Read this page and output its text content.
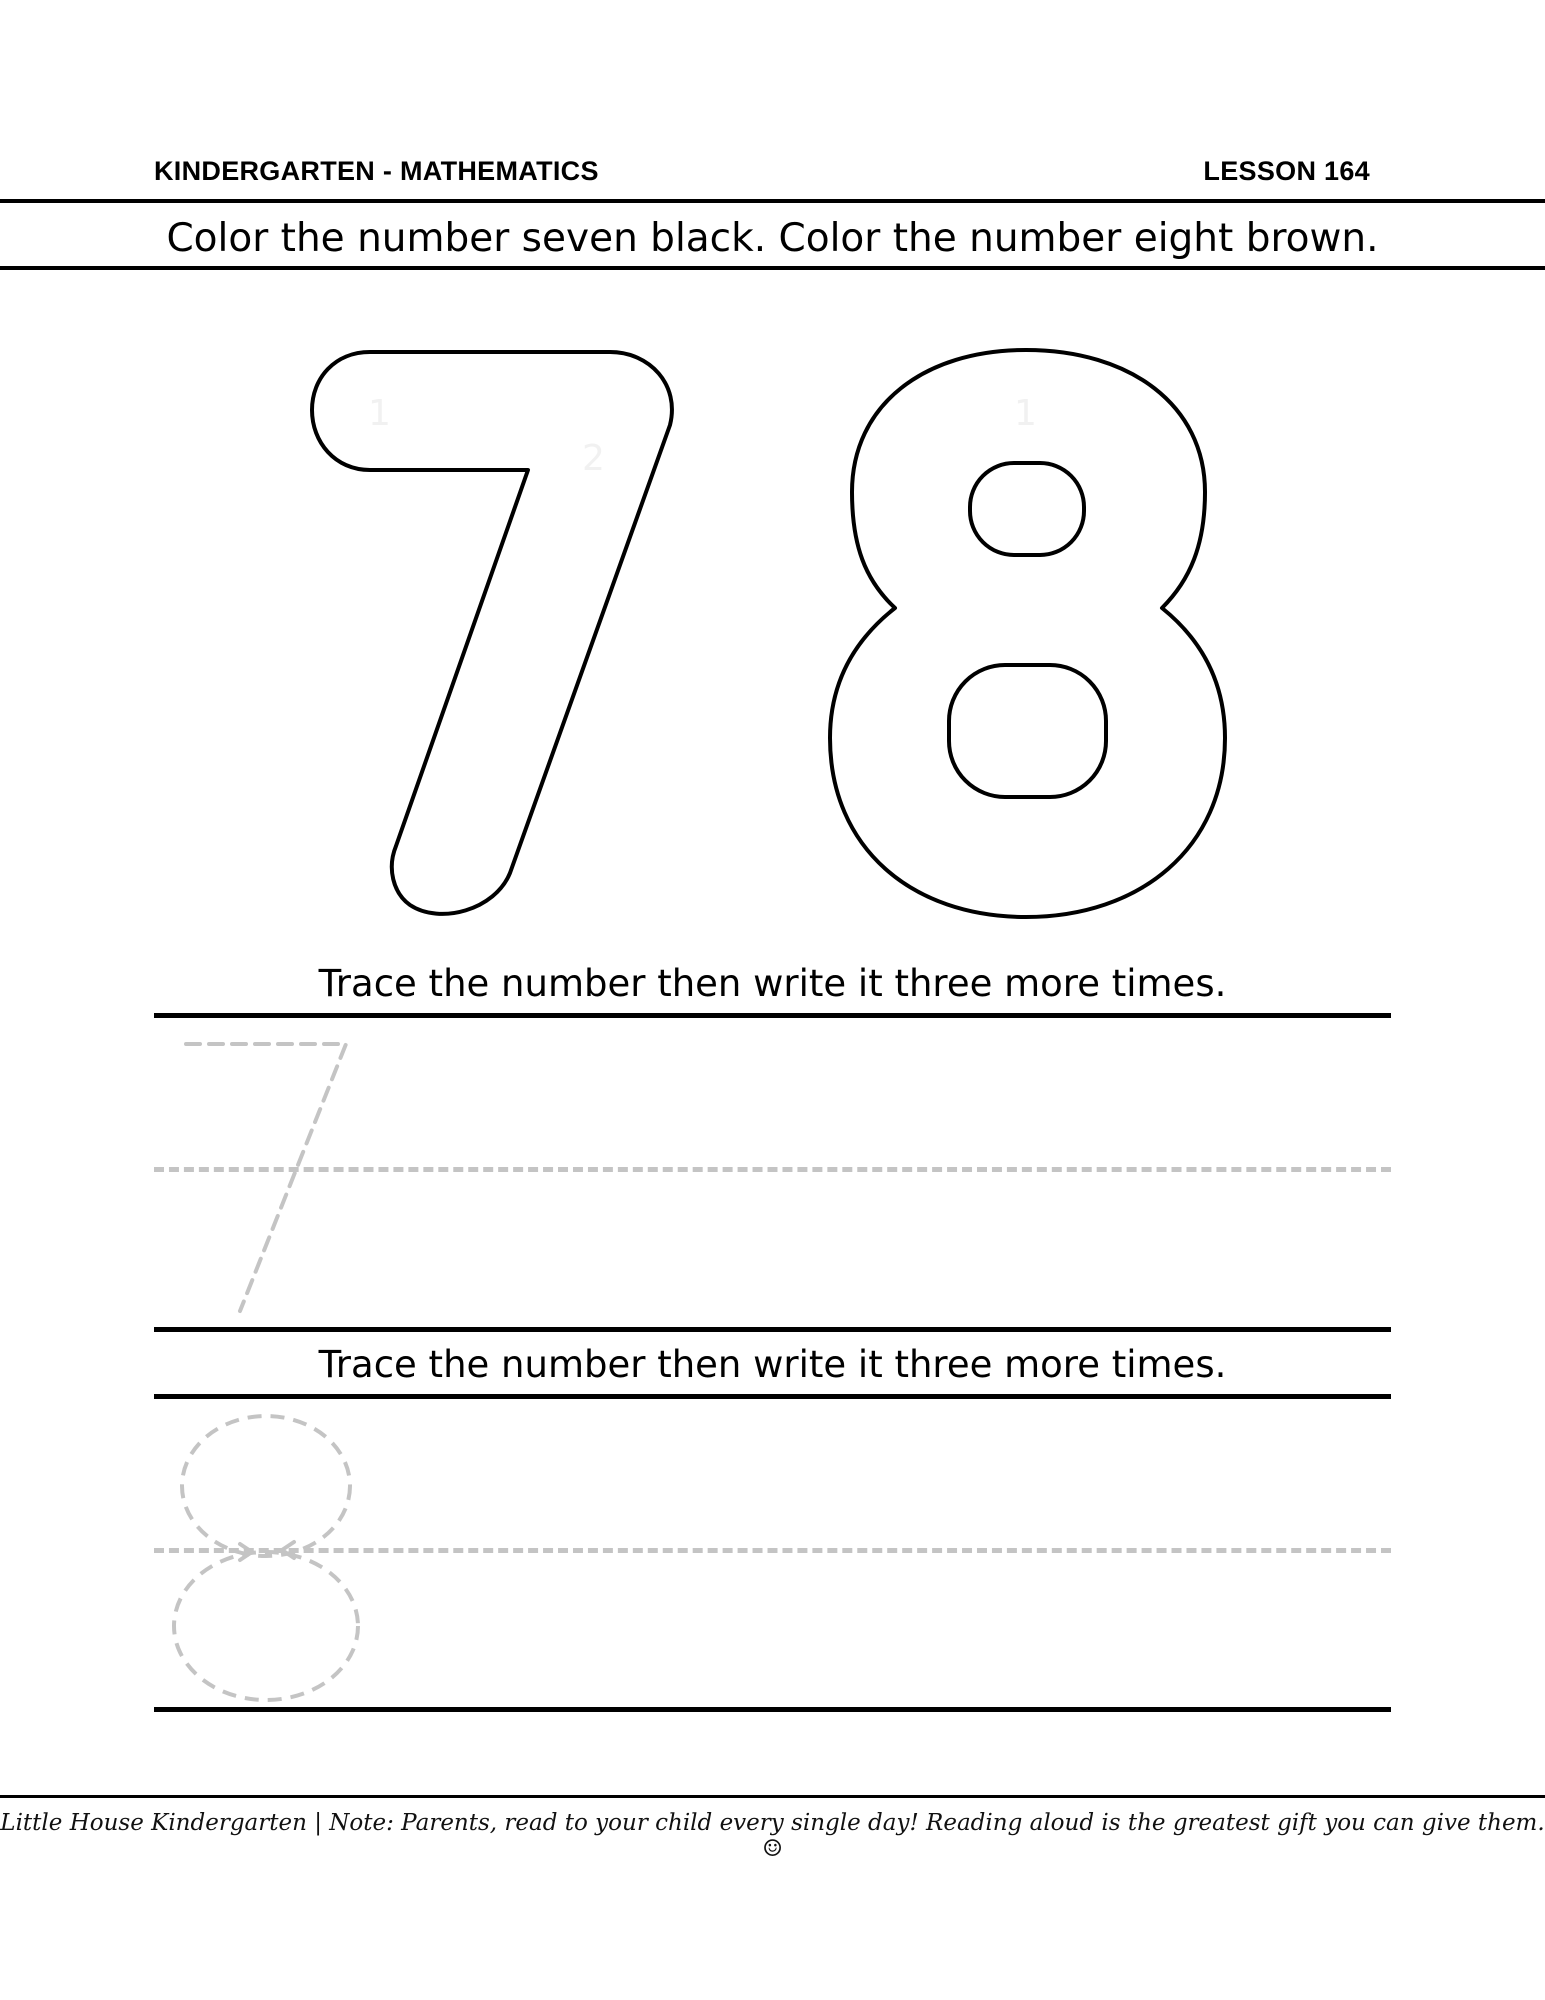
KINDERGARTEN - MATHEMATICS	LESSON 164
Color the number seven black. Color the number eight brown.
1
2
1
Trace the number then write it three more times.
Trace the number then write it three more times.
Little House Kindergarten | Note: Parents, read to your child every single day! Reading aloud is the greatest gift you can give them. ☺
